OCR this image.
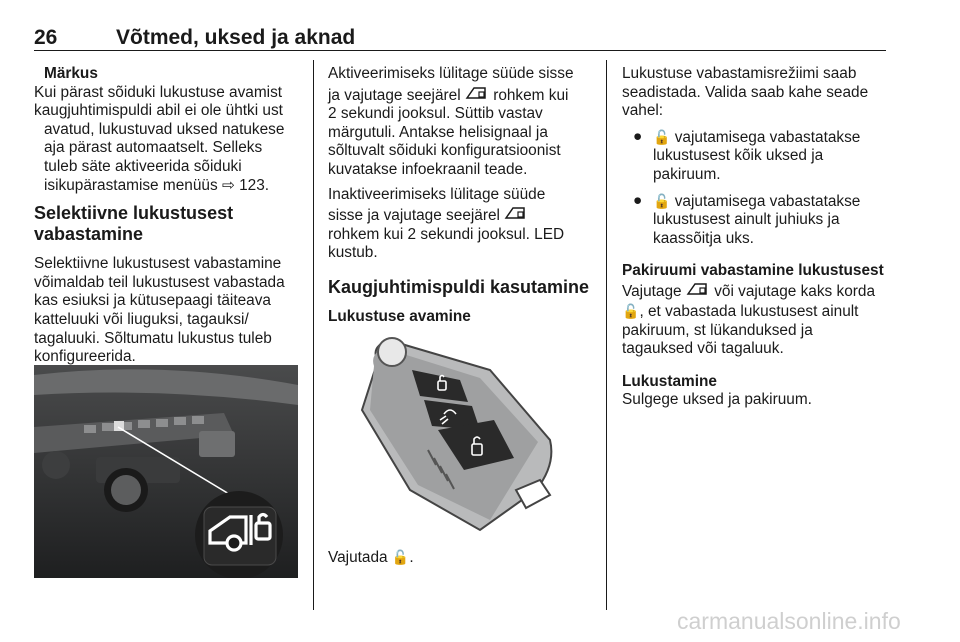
26	Võtmed, uksed ja aknad
Märkus
Kui pärast sõiduki lukustuse avamist
kaugjuhtimispuldi abil ei ole ühtki ust
avatud, lukustuvad uksed natukese
aja pärast automaatselt. Selleks
tuleb säte aktiveerida sõiduki
isikupärastamise menüüs ⇨ 123.
Selektiivne lukustusest
vabastamine
Selektiivne lukustusest vabastamine
võimaldab teil lukustusest vabastada
kas esiuksi ja kütusepaagi täiteava
katteluuki või liuguksi, tagauksi/
tagaluuki. Sõltumatu lukustus tuleb
konfigureerida.
Aktiveerimiseks lülitage süüde sisse
ja vajutage seejärel rohkem kui
2 sekundi jooksul. Süttib vastav
märgutuli. Antakse helisignaal ja
sõltuvalt sõiduki konfiguratsioonist
kuvatakse infoekraanil teade.
Inaktiveerimiseks lülitage süüde
sisse ja vajutage seejärel
rohkem kui 2 sekundi jooksul. LED
kustub.
Kaugjuhtimispuldi kasutamine
Lukustuse avamine
Vajutada 🔓.
Lukustuse vabastamisrežiimi saab
seadistada. Valida saab kahe seade
vahel:
● 🔓 vajutamisega vabastatakse
lukustusest kõik uksed ja
pakiruum.
● 🔓 vajutamisega vabastatakse
lukustusest ainult juhiuks ja
kaassõitja uks.
Pakiruumi vabastamine lukustusest
Vajutage või vajutage kaks korda
🔓, et vabastada lukustusest ainult
pakiruum, st lükanduksed ja
tagauksed või tagaluuk.
Lukustamine
Sulgege uksed ja pakiruum.
carmanualsonline.info
